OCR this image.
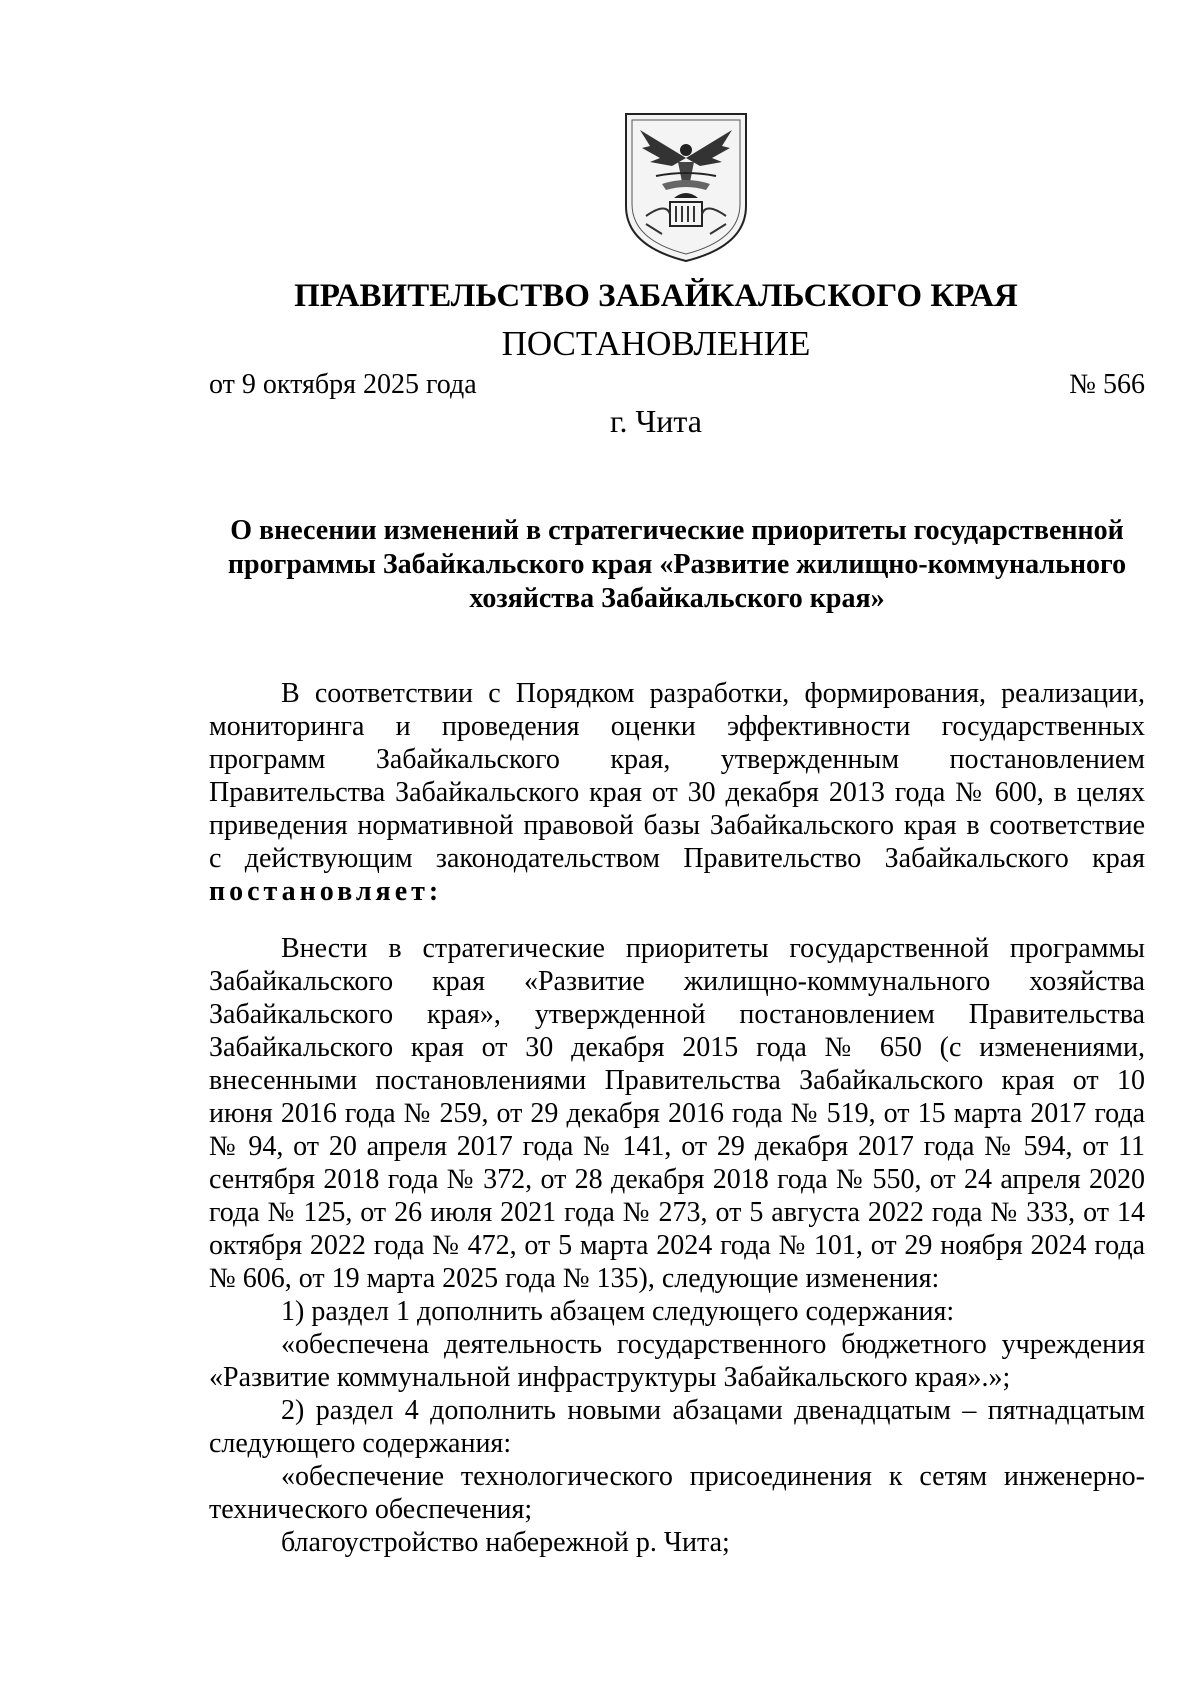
ПРАВИТЕЛЬСТВО ЗАБАЙКАЛЬСКОГО КРАЯ
ПОСТАНОВЛЕНИЕ
от 9 октября 2025 года	№ 566
г. Чита
О внесении изменений в стратегические приоритеты государственной программы Забайкальского края «Развитие жилищно-коммунального хозяйства Забайкальского края»

В соответствии с Порядком разработки, формирования, реализации, мониторинга и проведения оценки эффективности государственных программ Забайкальского края, утвержденным постановлением Правительства Забайкальского края от 30 декабря 2013 года № 600, в целях приведения нормативной правовой базы Забайкальского края в соответствие с действующим законодательством Правительство Забайкальского края постановляет:

Внести в стратегические приоритеты государственной программы Забайкальского края «Развитие жилищно-коммунального хозяйства Забайкальского края», утвержденной постановлением Правительства Забайкальского края от 30 декабря 2015 года № 650 (с изменениями, внесенными постановлениями Правительства Забайкальского края от 10 июня 2016 года № 259, от 29 декабря 2016 года № 519, от 15 марта 2017 года № 94, от 20 апреля 2017 года № 141, от 29 декабря 2017 года № 594, от 11 сентября 2018 года № 372, от 28 декабря 2018 года № 550, от 24 апреля 2020 года № 125, от 26 июля 2021 года № 273, от 5 августа 2022 года № 333, от 14 октября 2022 года № 472, от 5 марта 2024 года № 101, от 29 ноября 2024 года № 606, от 19 марта 2025 года № 135), следующие изменения:

1) раздел 1 дополнить абзацем следующего содержания:

«обеспечена деятельность государственного бюджетного учреждения «Развитие коммунальной инфраструктуры Забайкальского края».»;

2) раздел 4 дополнить новыми абзацами двенадцатым – пятнадцатым следующего содержания:

«обеспечение технологического присоединения к сетям инженерно-технического обеспечения;

благоустройство набережной р. Чита;
